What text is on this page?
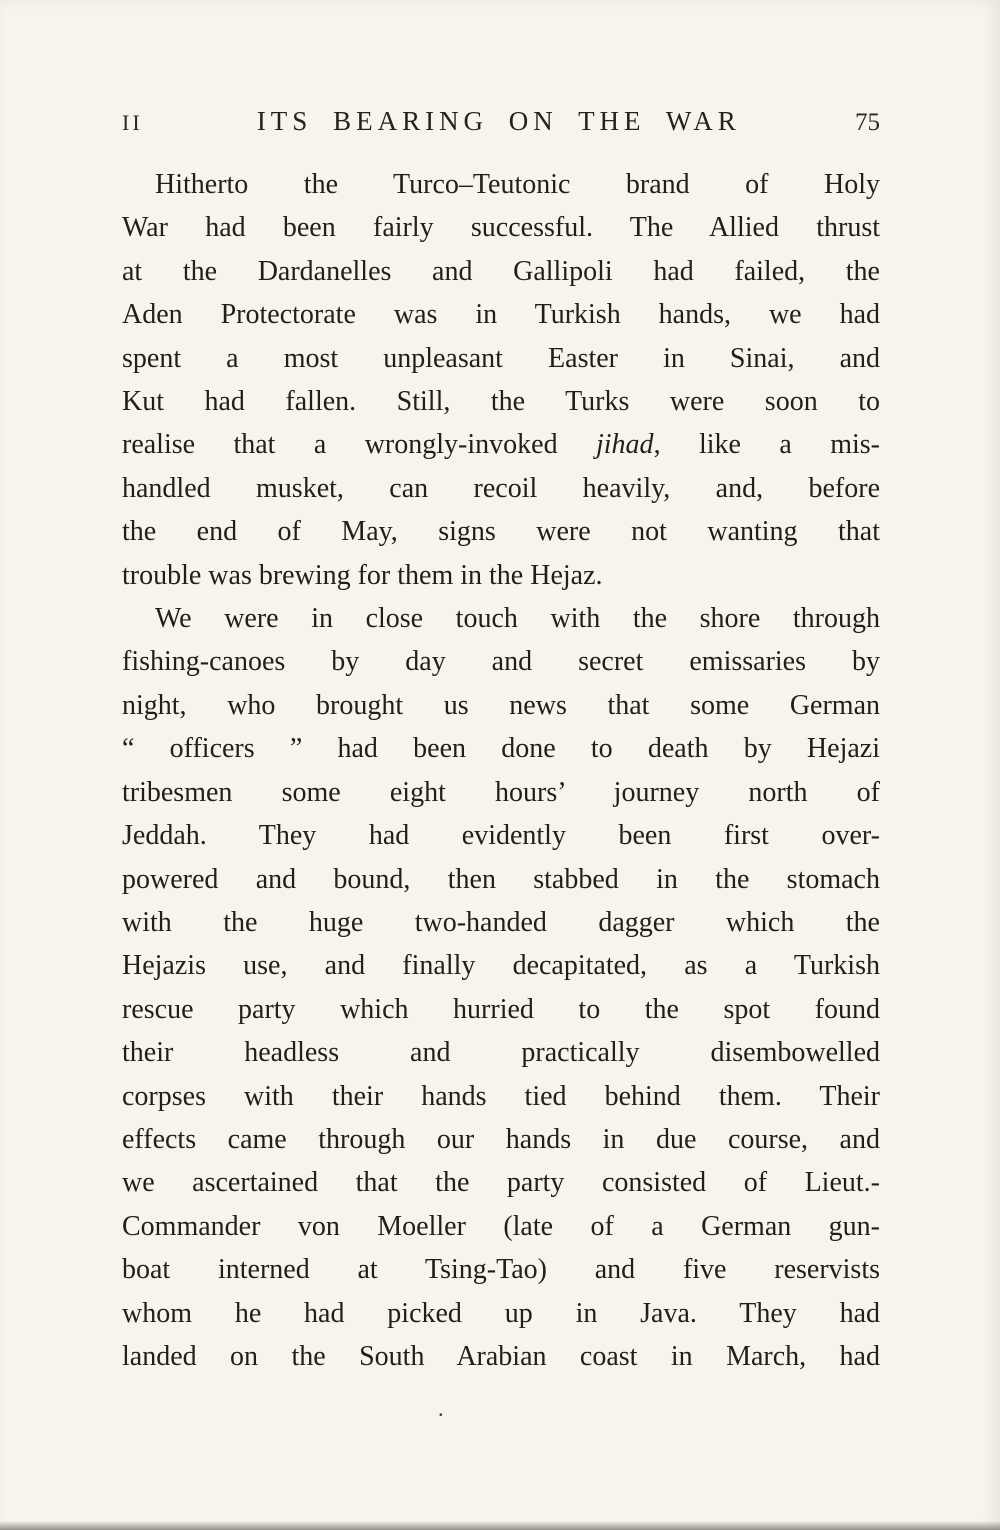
II	ITS BEARING ON THE WAR	75
Hitherto the Turco–Teutonic brand of Holy
War had been fairly successful. The Allied thrust
at the Dardanelles and Gallipoli had failed, the
Aden Protectorate was in Turkish hands, we had
spent a most unpleasant Easter in Sinai, and
Kut had fallen. Still, the Turks were soon to
realise that a wrongly-invoked jihad, like a mis-
handled musket, can recoil heavily, and, before
the end of May, signs were not wanting that
trouble was brewing for them in the Hejaz.
We were in close touch with the shore through
fishing-canoes by day and secret emissaries by
night, who brought us news that some German
“ officers ” had been done to death by Hejazi
tribesmen some eight hours’ journey north of
Jeddah. They had evidently been first over-
powered and bound, then stabbed in the stomach
with the huge two-handed dagger which the
Hejazis use, and finally decapitated, as a Turkish
rescue party which hurried to the spot found
their headless and practically disembowelled
corpses with their hands tied behind them. Their
effects came through our hands in due course, and
we ascertained that the party consisted of Lieut.-
Commander von Moeller (late of a German gun-
boat interned at Tsing-Tao) and five reservists
whom he had picked up in Java. They had
landed on the South Arabian coast in March, had
.
